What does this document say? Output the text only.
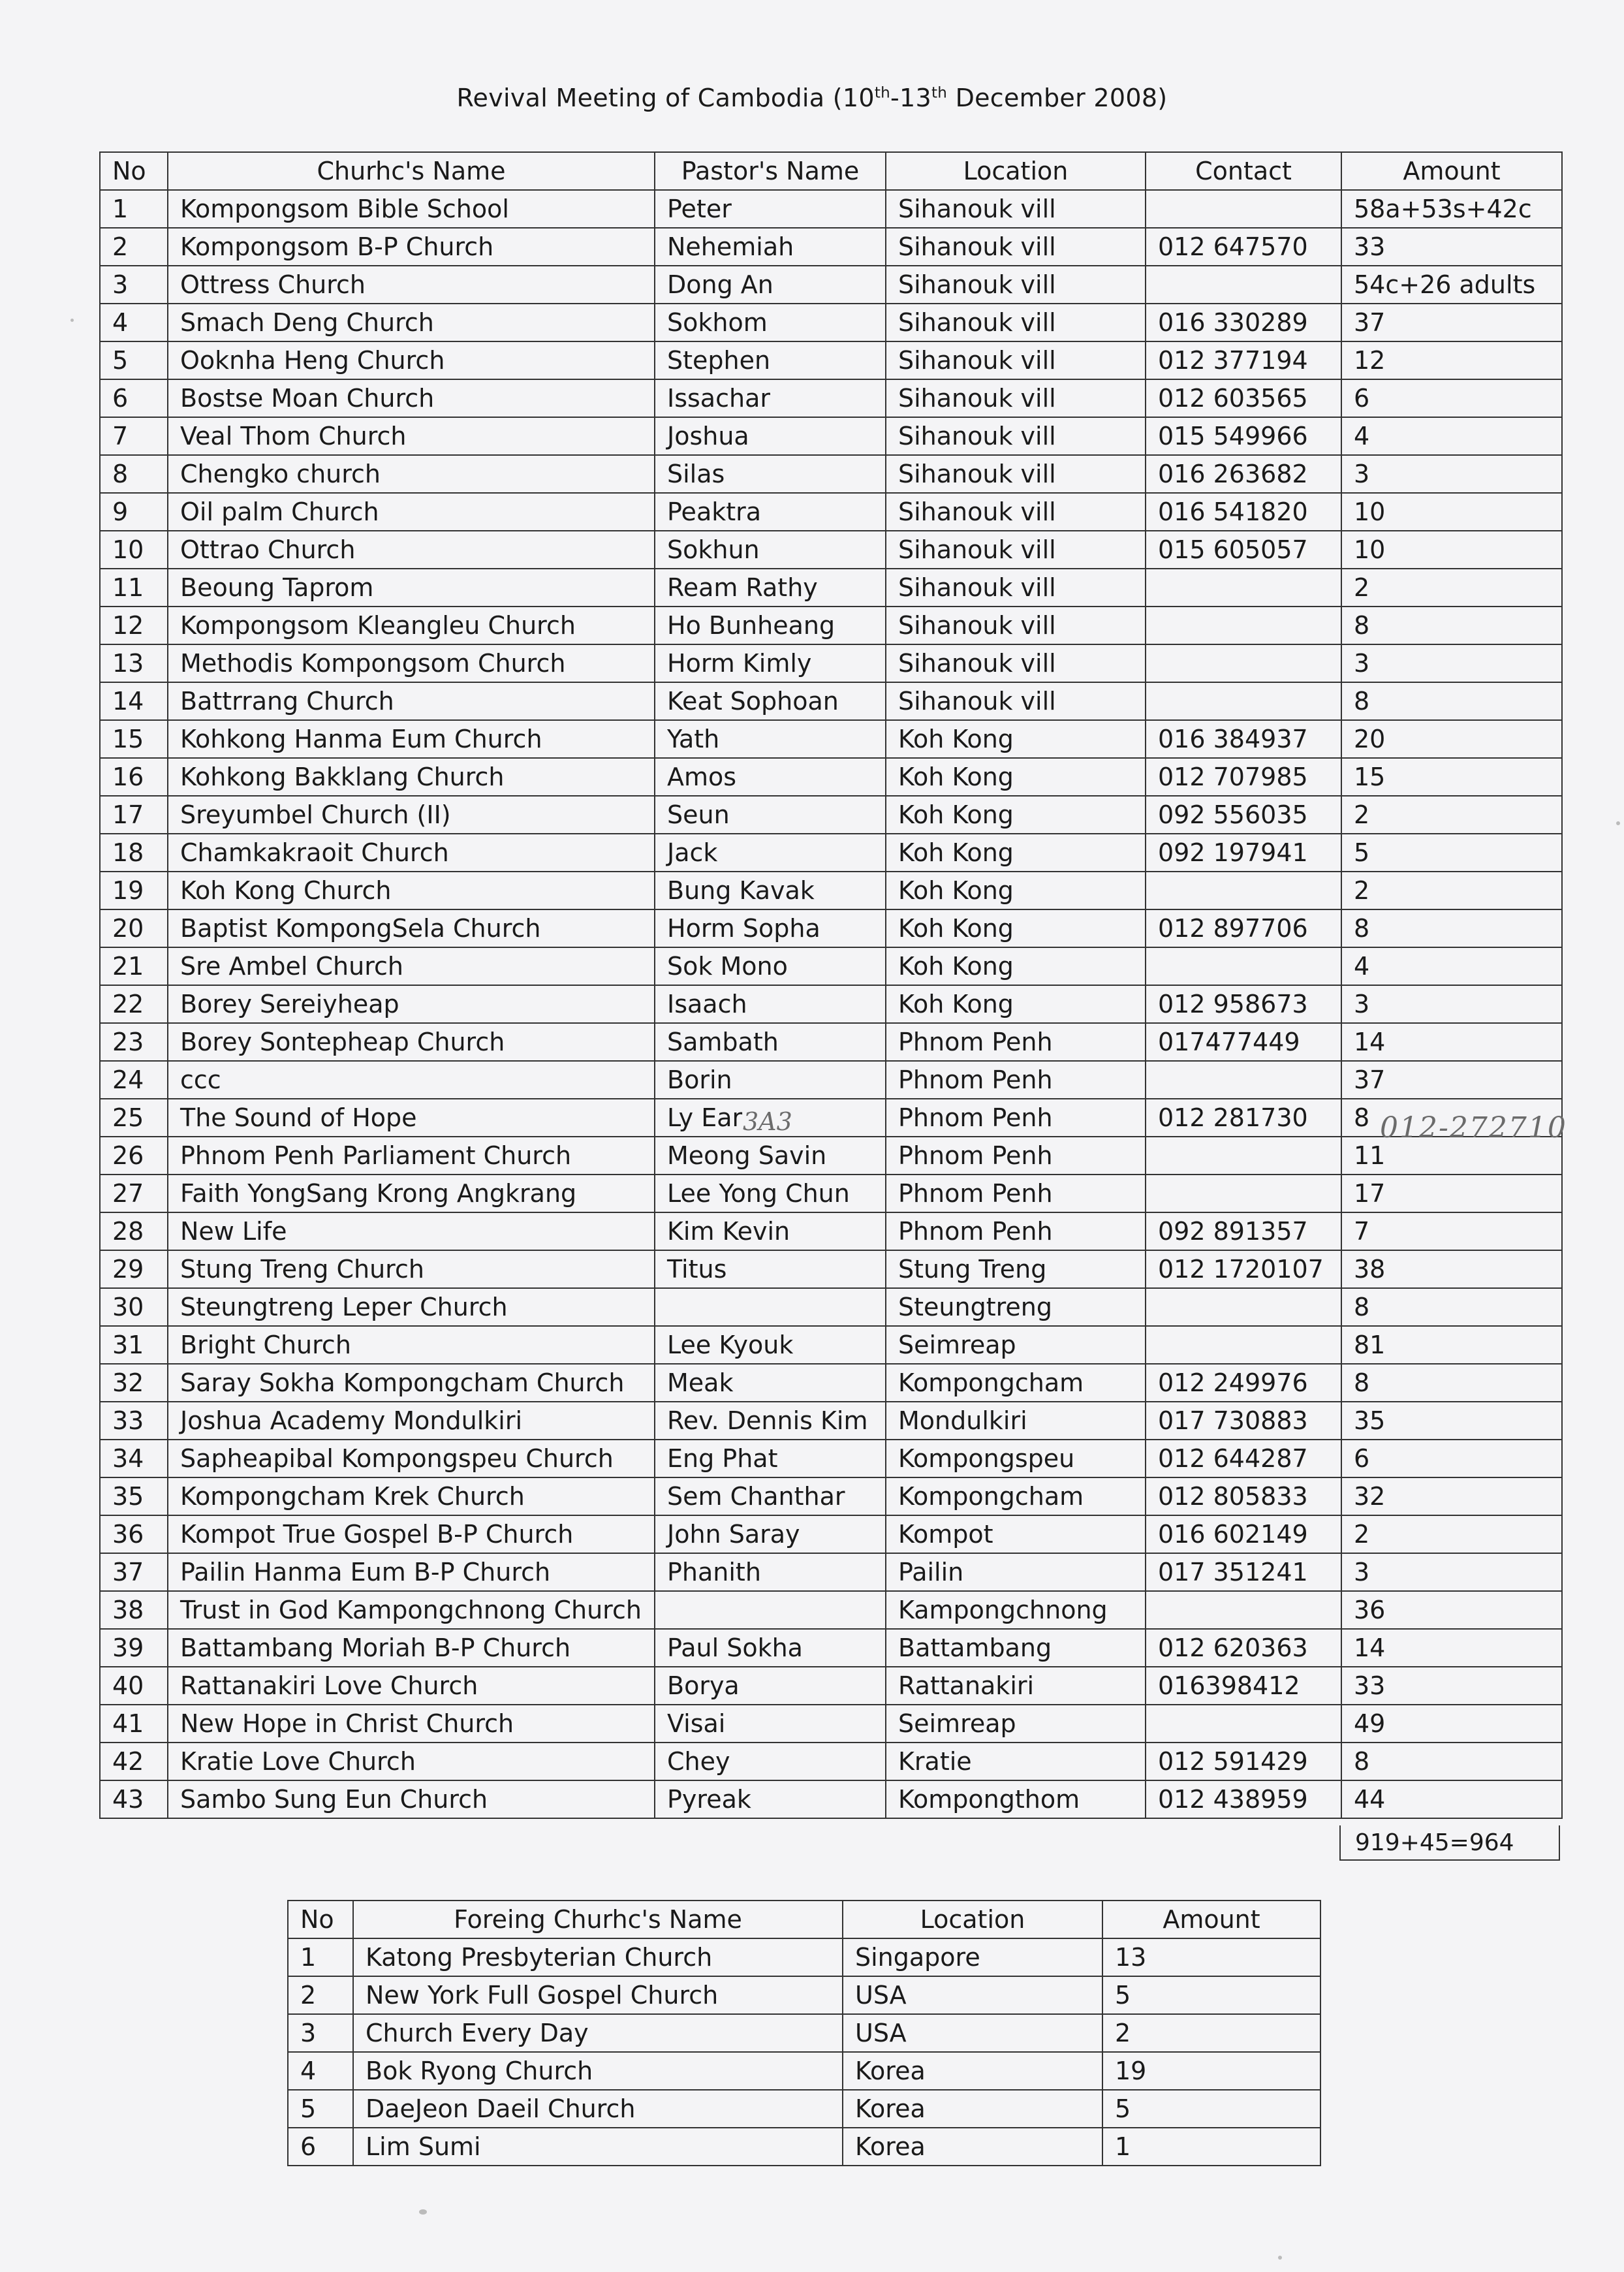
Revival Meeting of Cambodia (10th-13th December 2008)
No	Churhc's Name	Pastor's Name	Location	Contact	Amount
1	Kompongsom Bible School	Peter	Sihanouk vill		58a+53s+42c
2	Kompongsom B-P Church	Nehemiah	Sihanouk vill	012 647570	33
3	Ottress Church	Dong An	Sihanouk vill		54c+26 adults
4	Smach Deng Church	Sokhom	Sihanouk vill	016 330289	37
5	Ooknha Heng Church	Stephen	Sihanouk vill	012 377194	12
6	Bostse Moan Church	Issachar	Sihanouk vill	012 603565	6
7	Veal Thom Church	Joshua	Sihanouk vill	015 549966	4
8	Chengko church	Silas	Sihanouk vill	016 263682	3
9	Oil palm Church	Peaktra	Sihanouk vill	016 541820	10
10	Ottrao Church	Sokhun	Sihanouk vill	015 605057	10
11	Beoung Taprom	Ream Rathy	Sihanouk vill		2
12	Kompongsom Kleangleu Church	Ho Bunheang	Sihanouk vill		8
13	Methodis Kompongsom Church	Horm Kimly	Sihanouk vill		3
14	Battrrang Church	Keat Sophoan	Sihanouk vill		8
15	Kohkong Hanma Eum Church	Yath	Koh Kong	016 384937	20
16	Kohkong Bakklang Church	Amos	Koh Kong	012 707985	15
17	Sreyumbel Church (II)	Seun	Koh Kong	092 556035	2
18	Chamkakraoit Church	Jack	Koh Kong	092 197941	5
19	Koh Kong Church	Bung Kavak	Koh Kong		2
20	Baptist KompongSela Church	Horm Sopha	Koh Kong	012 897706	8
21	Sre Ambel Church	Sok Mono	Koh Kong		4
22	Borey Sereiyheap	Isaach	Koh Kong	012 958673	3
23	Borey Sontepheap Church	Sambath	Phnom Penh	017477449	14
24	ccc	Borin	Phnom Penh		37
25	The Sound of Hope	Ly Ear	Phnom Penh	012 281730	8
26	Phnom Penh Parliament Church	Meong Savin	Phnom Penh		11
27	Faith YongSang Krong Angkrang	Lee Yong Chun	Phnom Penh		17
28	New Life	Kim Kevin	Phnom Penh	092 891357	7
29	Stung Treng Church	Titus	Stung Treng	012 1720107	38
30	Steungtreng Leper Church		Steungtreng		8
31	Bright Church	Lee Kyouk	Seimreap		81
32	Saray Sokha Kompongcham Church	Meak	Kompongcham	012 249976	8
33	Joshua Academy Mondulkiri	Rev. Dennis Kim	Mondulkiri	017 730883	35
34	Sapheapibal Kompongspeu Church	Eng Phat	Kompongspeu	012 644287	6
35	Kompongcham Krek Church	Sem Chanthar	Kompongcham	012 805833	32
36	Kompot True Gospel B-P Church	John Saray	Kompot	016 602149	2
37	Pailin Hanma Eum B-P Church	Phanith	Pailin	017 351241	3
38	Trust in God Kampongchnong Church		Kampongchnong		36
39	Battambang Moriah B-P Church	Paul Sokha	Battambang	012 620363	14
40	Rattanakiri Love Church	Borya	Rattanakiri	016398412	33
41	New Hope in Christ Church	Visai	Seimreap		49
42	Kratie Love Church	Chey	Kratie	012 591429	8
43	Sambo Sung Eun Church	Pyreak	Kompongthom	012 438959	44
919+45=964
012-272710
3A3
No	Foreing Churhc's Name	Location	Amount
1	Katong Presbyterian Church	Singapore	13
2	New York Full Gospel Church	USA	5
3	Church Every Day	USA	2
4	Bok Ryong Church	Korea	19
5	DaeJeon Daeil Church	Korea	5
6	Lim Sumi	Korea	1
